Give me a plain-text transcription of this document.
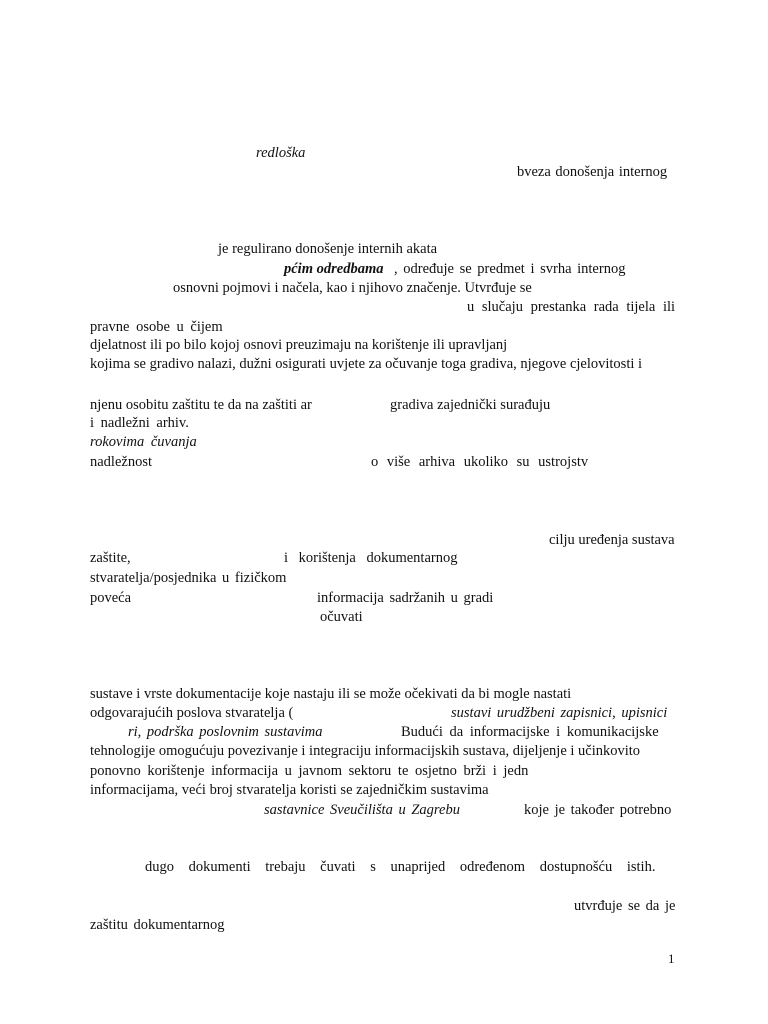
redloška
bveza donošenja internog
je regulirano donošenje internih akata
pćim odredbama , određuje se predmet i svrha internog
osnovni pojmovi i načela, kao i njihovo značenje. Utvrđuje se
u slučaju prestanka rada tijela ili
pravne osobe u čijem
djelatnost ili po bilo kojoj osnovi preuzimaju na korištenje ili upravljanj
kojima se gradivo nalazi, dužni osigurati uvjete za očuvanje toga gradiva, njegove cjelovitosti i
njenu osobitu zaštitu te da na zaštiti ar	gradiva zajednički surađuju
i nadležni arhiv.
rokovima čuvanja
nadležnost	o više arhiva ukoliko su ustrojstv
cilju uređenja sustava
zaštite,	i korištenja dokumentarnog
stvaratelja/posjednika u fizičkom
poveća	informacija sadržanih u gradi
očuvati
sustave i vrste dokumentacije koje nastaju ili se može očekivati da bi mogle nastati
odgovarajućih poslova stvaratelja (	sustavi urudžbeni zapisnici, upisnici
ri, podrška poslovnim sustavima	Budući da informacijske i komunikacijske
tehnologije omogućuju povezivanje i integraciju informacijskih sustava, dijeljenje i učinkovito
ponovno korištenje informacija u javnom sektoru te osjetno brži i jedn
informacijama, veći broj stvaratelja koristi se zajedničkim sustavima
sastavnice Sveučilišta u Zagrebu	koje je također potrebno
dugo dokumenti trebaju čuvati s unaprijed određenom dostupnošću istih.
utvrđuje se da je
zaštitu dokumentarnog
1
